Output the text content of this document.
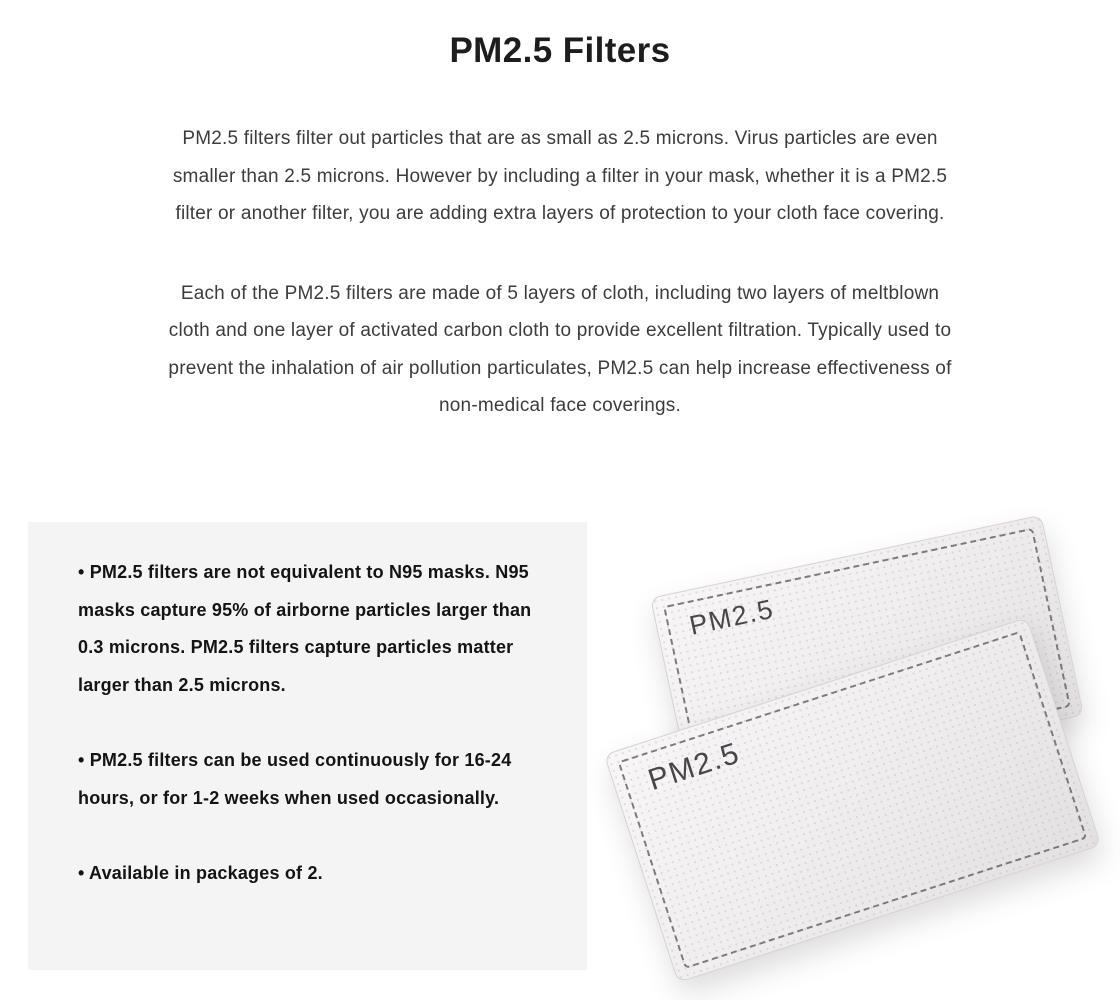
PM2.5 Filters

PM2.5 filters filter out particles that are as small as 2.5 microns. Virus particles are even smaller than 2.5 microns. However by including a filter in your mask, whether it is a PM2.5 filter or another filter, you are adding extra layers of protection to your cloth face covering.

Each of the PM2.5 filters are made of 5 layers of cloth, including two layers of meltblown cloth and one layer of activated carbon cloth to provide excellent filtration. Typically used to prevent the inhalation of air pollution particulates, PM2.5 can help increase effectiveness of non-medical face coverings.

• PM2.5 filters are not equivalent to N95 masks. N95 masks capture 95% of airborne particles larger than 0.3 microns. PM2.5 filters capture particles matter larger than 2.5 microns.

• PM2.5 filters can be used continuously for 16-24 hours, or for 1-2 weeks when used occasionally.

• Available in packages of 2.

PM2.5
PM2.5
